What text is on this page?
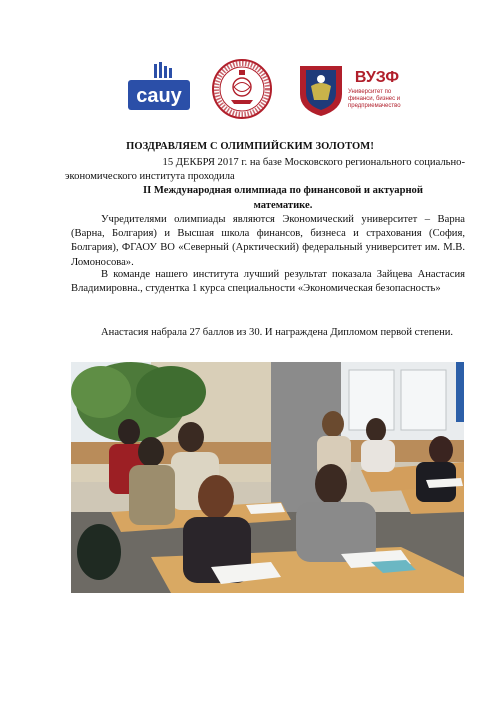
cauy
ВУЗФ
Университет по
финанси, бизнес и
предприемачество
ПОЗДРАВЛЯЕМ С ОЛИМПИЙСКИМ ЗОЛОТОМ!
15 ДЕКБРЯ 2017 г. на базе Московского регионального социально-
экономического института проходила
II Международная олимпиада по финансовой и актуарной
математике.
Учредителями олимпиады являются Экономический университет – Варна (Варна, Болгария) и Высшая школа финансов, бизнеса и страхования (София, Болгария), ФГАОУ ВО «Северный (Арктический) федеральный университет им. М.В. Ломоносова».
В команде нашего института лучший результат показала Зайцева Анастасия Владимировна., студентка 1 курса специальности «Экономическая безопасность»
Анастасия набрала 27 баллов из 30. И награждена Дипломом первой степени.
